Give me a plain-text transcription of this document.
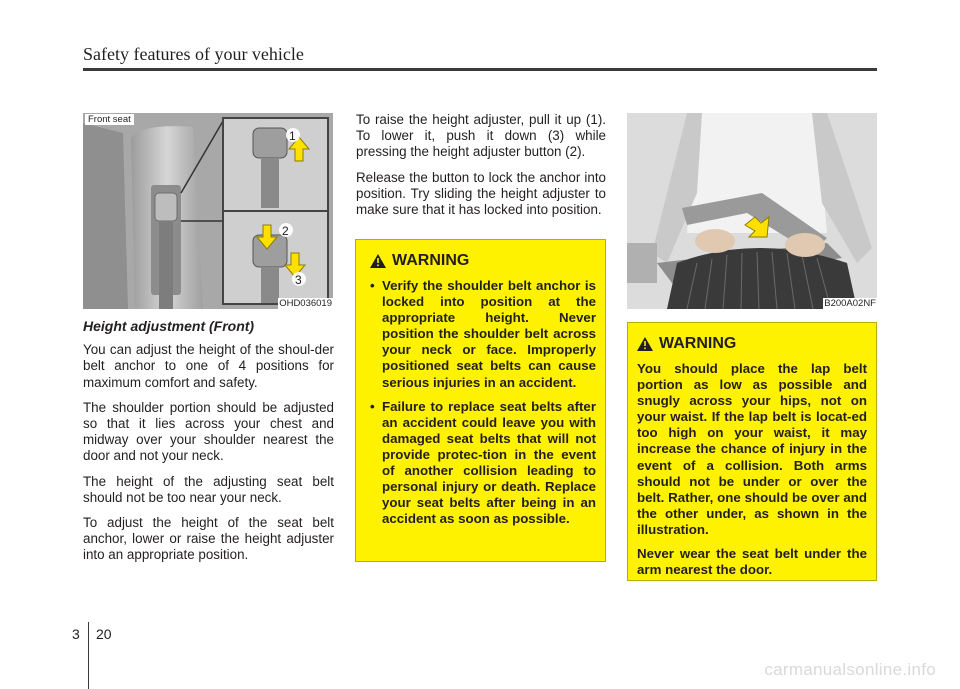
Safety features of your vehicle
1
2
3
Front seat
OHD036019
Height adjustment (Front)

You can adjust the height of the shoul-der belt anchor to one of 4 positions for maximum comfort and safety.

The shoulder portion should be adjusted so that it lies across your chest and midway over your shoulder nearest the door and not your neck.

The height of the adjusting seat belt should not be too near your neck.

To adjust the height of the seat belt anchor, lower or raise the height adjuster into an appropriate position.

To raise the height adjuster, pull it up (1). To lower it, push it down (3) while pressing the height adjuster button (2).

Release the button to lock the anchor into position. Try sliding the height adjuster to make sure that it has locked into position.

WARNING
• Verify the shoulder belt anchor is locked into position at the appropriate height. Never position the shoulder belt across your neck or face. Improperly positioned seat belts can cause serious injuries in an accident.
• Failure to replace seat belts after an accident could leave you with damaged seat belts that will not provide protec-tion in the event of another collision leading to personal injury or death. Replace your seat belts after being in an accident as soon as possible.
B200A02NF
WARNING

You should place the lap belt portion as low as possible and snugly across your hips, not on your waist. If the lap belt is locat-ed too high on your waist, it may increase the chance of injury in the event of a collision. Both arms should not be under or over the belt. Rather, one should be over and the other under, as shown in the illustration.

Never wear the seat belt under the arm nearest the door.

3 20
carmanualsonline.info
